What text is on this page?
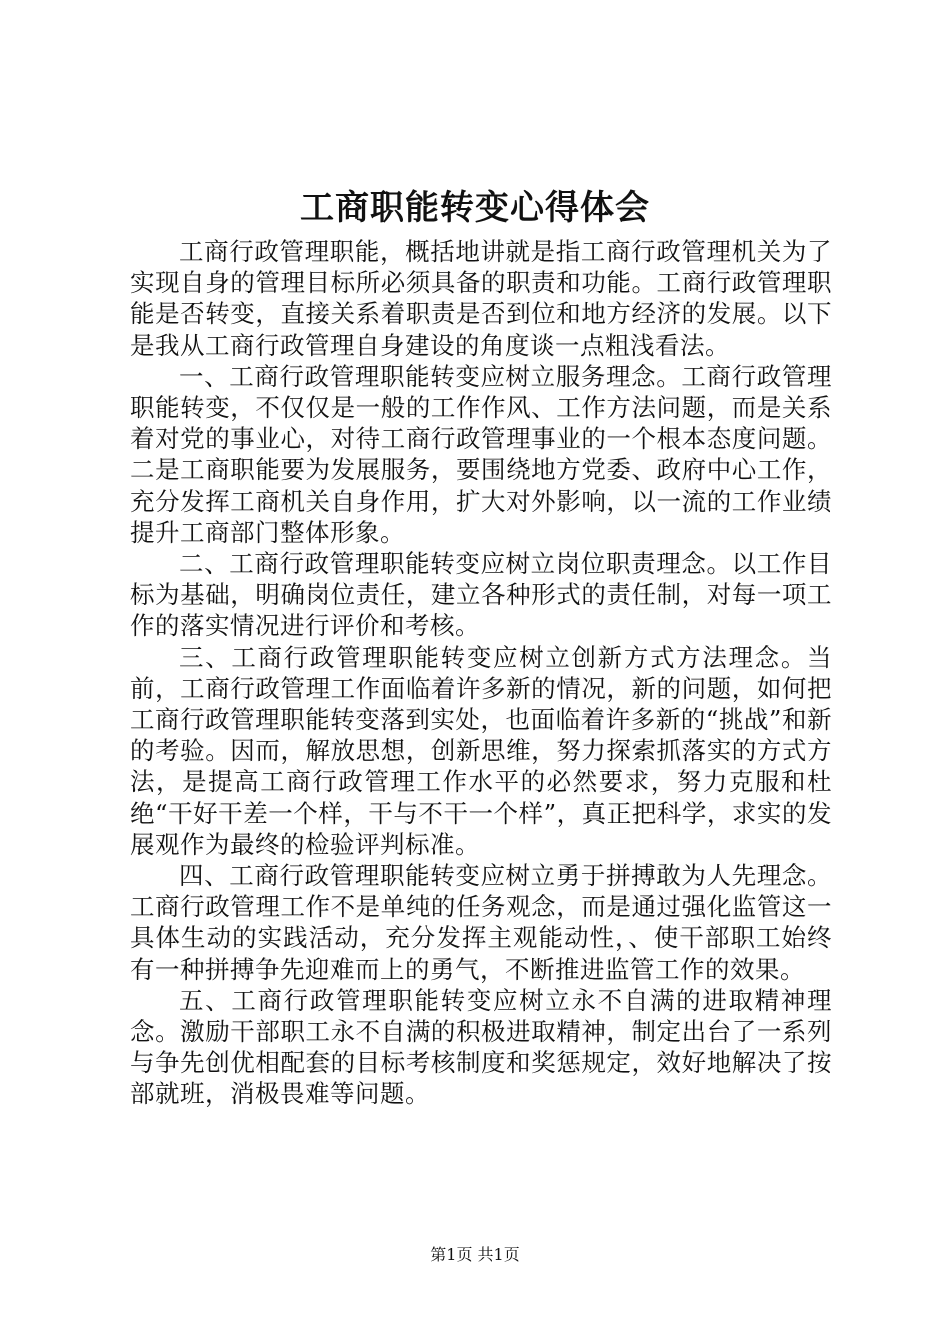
工商职能转变心得体会

工商行政管理职能，概括地讲就是指工商行政管理机关为了实现自身的管理目标所必须具备的职责和功能。工商行政管理职能是否转变，直接关系着职责是否到位和地方经济的发展。以下是我从工商行政管理自身建设的角度谈一点粗浅看法。

一、工商行政管理职能转变应树立服务理念。工商行政管理职能转变，不仅仅是一般的工作作风、工作方法问题，而是关系着对党的事业心，对待工商行政管理事业的一个根本态度问题。二是工商职能要为发展服务，要围绕地方党委、政府中心工作，充分发挥工商机关自身作用，扩大对外影响，以一流的工作业绩提升工商部门整体形象。

二、工商行政管理职能转变应树立岗位职责理念。以工作目标为基础，明确岗位责任，建立各种形式的责任制，对每一项工作的落实情况进行评价和考核。

三、工商行政管理职能转变应树立创新方式方法理念。当前，工商行政管理工作面临着许多新的情况，新的问题，如何把工商行政管理职能转变落到实处，也面临着许多新的“挑战”和新的考验。因而，解放思想，创新思维，努力探索抓落实的方式方法，是提高工商行政管理工作水平的必然要求，努力克服和杜绝“干好干差一个样，干与不干一个样”，真正把科学，求实的发展观作为最终的检验评判标准。

四、工商行政管理职能转变应树立勇于拼搏敢为人先理念。工商行政管理工作不是单纯的任务观念，而是通过强化监管这一具体生动的实践活动，充分发挥主观能动性，、使干部职工始终有一种拼搏争先迎难而上的勇气，不断推进监管工作的效果。

五、工商行政管理职能转变应树立永不自满的进取精神理念。激励干部职工永不自满的积极进取精神，制定出台了一系列与争先创优相配套的目标考核制度和奖惩规定，效好地解决了按部就班，消极畏难等问题。

第1页 共1页
